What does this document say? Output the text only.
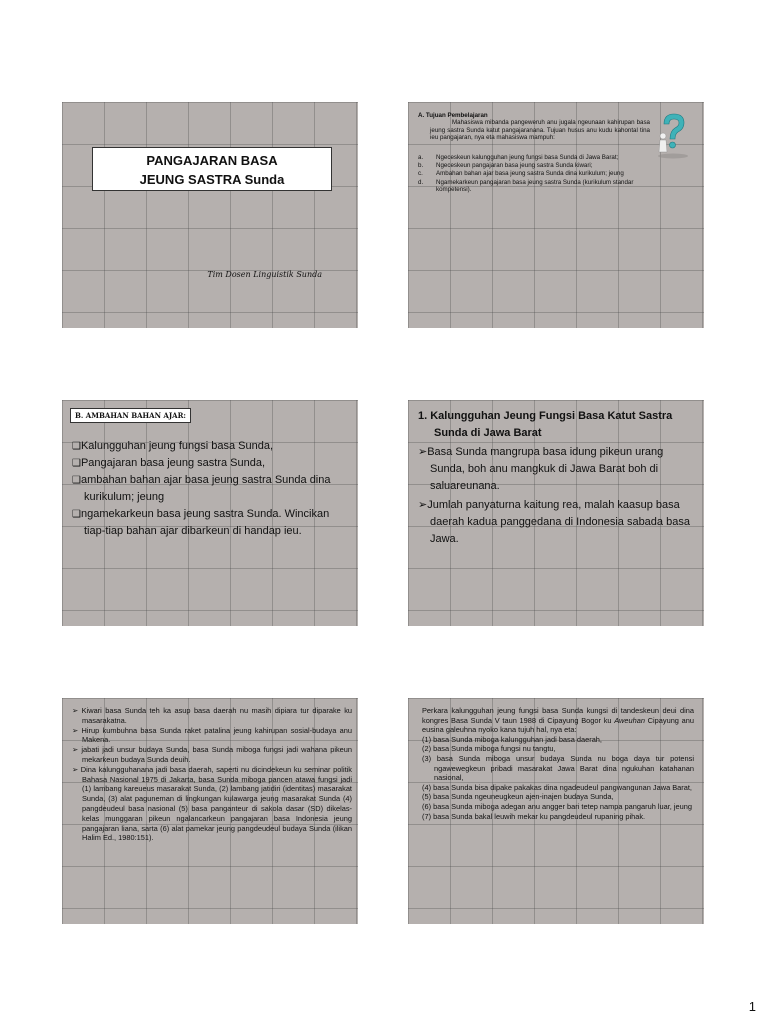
PANGAJARAN BASA
JEUNG SASTRA Sunda
Tim Dosen Linguistik Sunda
A. Tujuan Pembelajaran
Mahasiswa mibanda pangeweruh anu jugala ngeunaan kahirupan basa jeung sastra Sunda katut pangajaranana. Tujuan husus anu kudu kahontal tina ieu pangajaran, nya eta mahasiswa mampuh:
a. Ngeceskeun kalungguhan jeung fungsi basa Sunda di Jawa Barat;
b. Ngeceskeun pangajaran basa jeung sastra Sunda kiwari;
c. Ambahan bahan ajar basa jeung sastra Sunda dina kurikulum; jeung
d. Ngamekarkeun pangajaran basa jeung sastra Sunda (kurikulum standar kompetensi).
B. AMBAHAN BAHAN AJAR:
❑Kalungguhan jeung fungsi basa Sunda,
❑Pangajaran basa jeung sastra Sunda,
❑ambahan bahan ajar basa jeung sastra Sunda dina kurikulum; jeung
❑ngamekarkeun basa jeung sastra Sunda. Wincikan tiap-tiap bahan ajar dibarkeun di handap ieu.
1. Kalungguhan Jeung Fungsi Basa Katut Sastra Sunda di Jawa Barat
➢Basa Sunda mangrupa basa idung pikeun urang Sunda, boh anu mangkuk di Jawa Barat boh di saluareunana.
➢Jumlah panyaturna kaitung rea, malah kaasup basa daerah kadua panggedana di Indonesia sabada basa Jawa.
➢ Kiwari basa Sunda teh ka asup basa daerah nu masih dipiara tur diparake ku masarakatna.
➢ Hirup kumbuhna basa Sunda raket patalina jeung kahirupan sosial-budaya anu Makena.
➢ jabati jadi unsur budaya Sunda, basa Sunda miboga fungsi jadi wahana pikeun mekarkeun budaya Sunda deuih.
➢ Dina kalungguhanana jadi basa daerah, saperti nu dicindekeun ku seminar politik Bahasa Nasional 1975 di Jakarta, basa Sunda miboga pancen atawa fungsi jadi (1) lambang kareueus masarakat Sunda, (2) lambang jatidiri (identitas) masarakat Sunda, (3) alat paguneman di lingkungan kulawarga jeung masarakat Sunda (4) pangdeudeul basa nasional (5) basa panganteur di sakola dasar (SD) dikelas-kelas munggaran pikeun ngalancarkeun pangajaran basa Indonesia jeung pangajaran liana, sarta (6) alat pamekar jeung pangdeudeul budaya Sunda (ilikan Halim Ed., 1980:151).
Perkara kalungguhan jeung fungsi basa Sunda kungsi di tandeskeun deui dina kongres Basa Sunda V taun 1988 di Cipayung Bogor ku Aweuhan Cipayung anu eusina galeuhna nyoko kana tujuh hal, nya eta:
(1) basa Sunda miboga kalungguhan jadi basa daerah,
(2) basa Sunda miboga fungsi nu tangtu,
(3) basa Sunda miboga unsur budaya Sunda nu boga daya tur potensi ngawewegkeun pribadi masarakat Jawa Barat dina ngukuhan katahanan nasional,
(4) basa Sunda bisa dipake pakakas dina ngadeudeul pangwangunan Jawa Barat,
(5) basa Sunda ngeuneugkeun ajen-inajen budaya Sunda,
(6) basa Sunda miboga adegan anu angger bari tetep nampa pangaruh luar, jeung
(7) basa Sunda bakal leuwih mekar ku pangdeudeul rupaning pihak.
1
